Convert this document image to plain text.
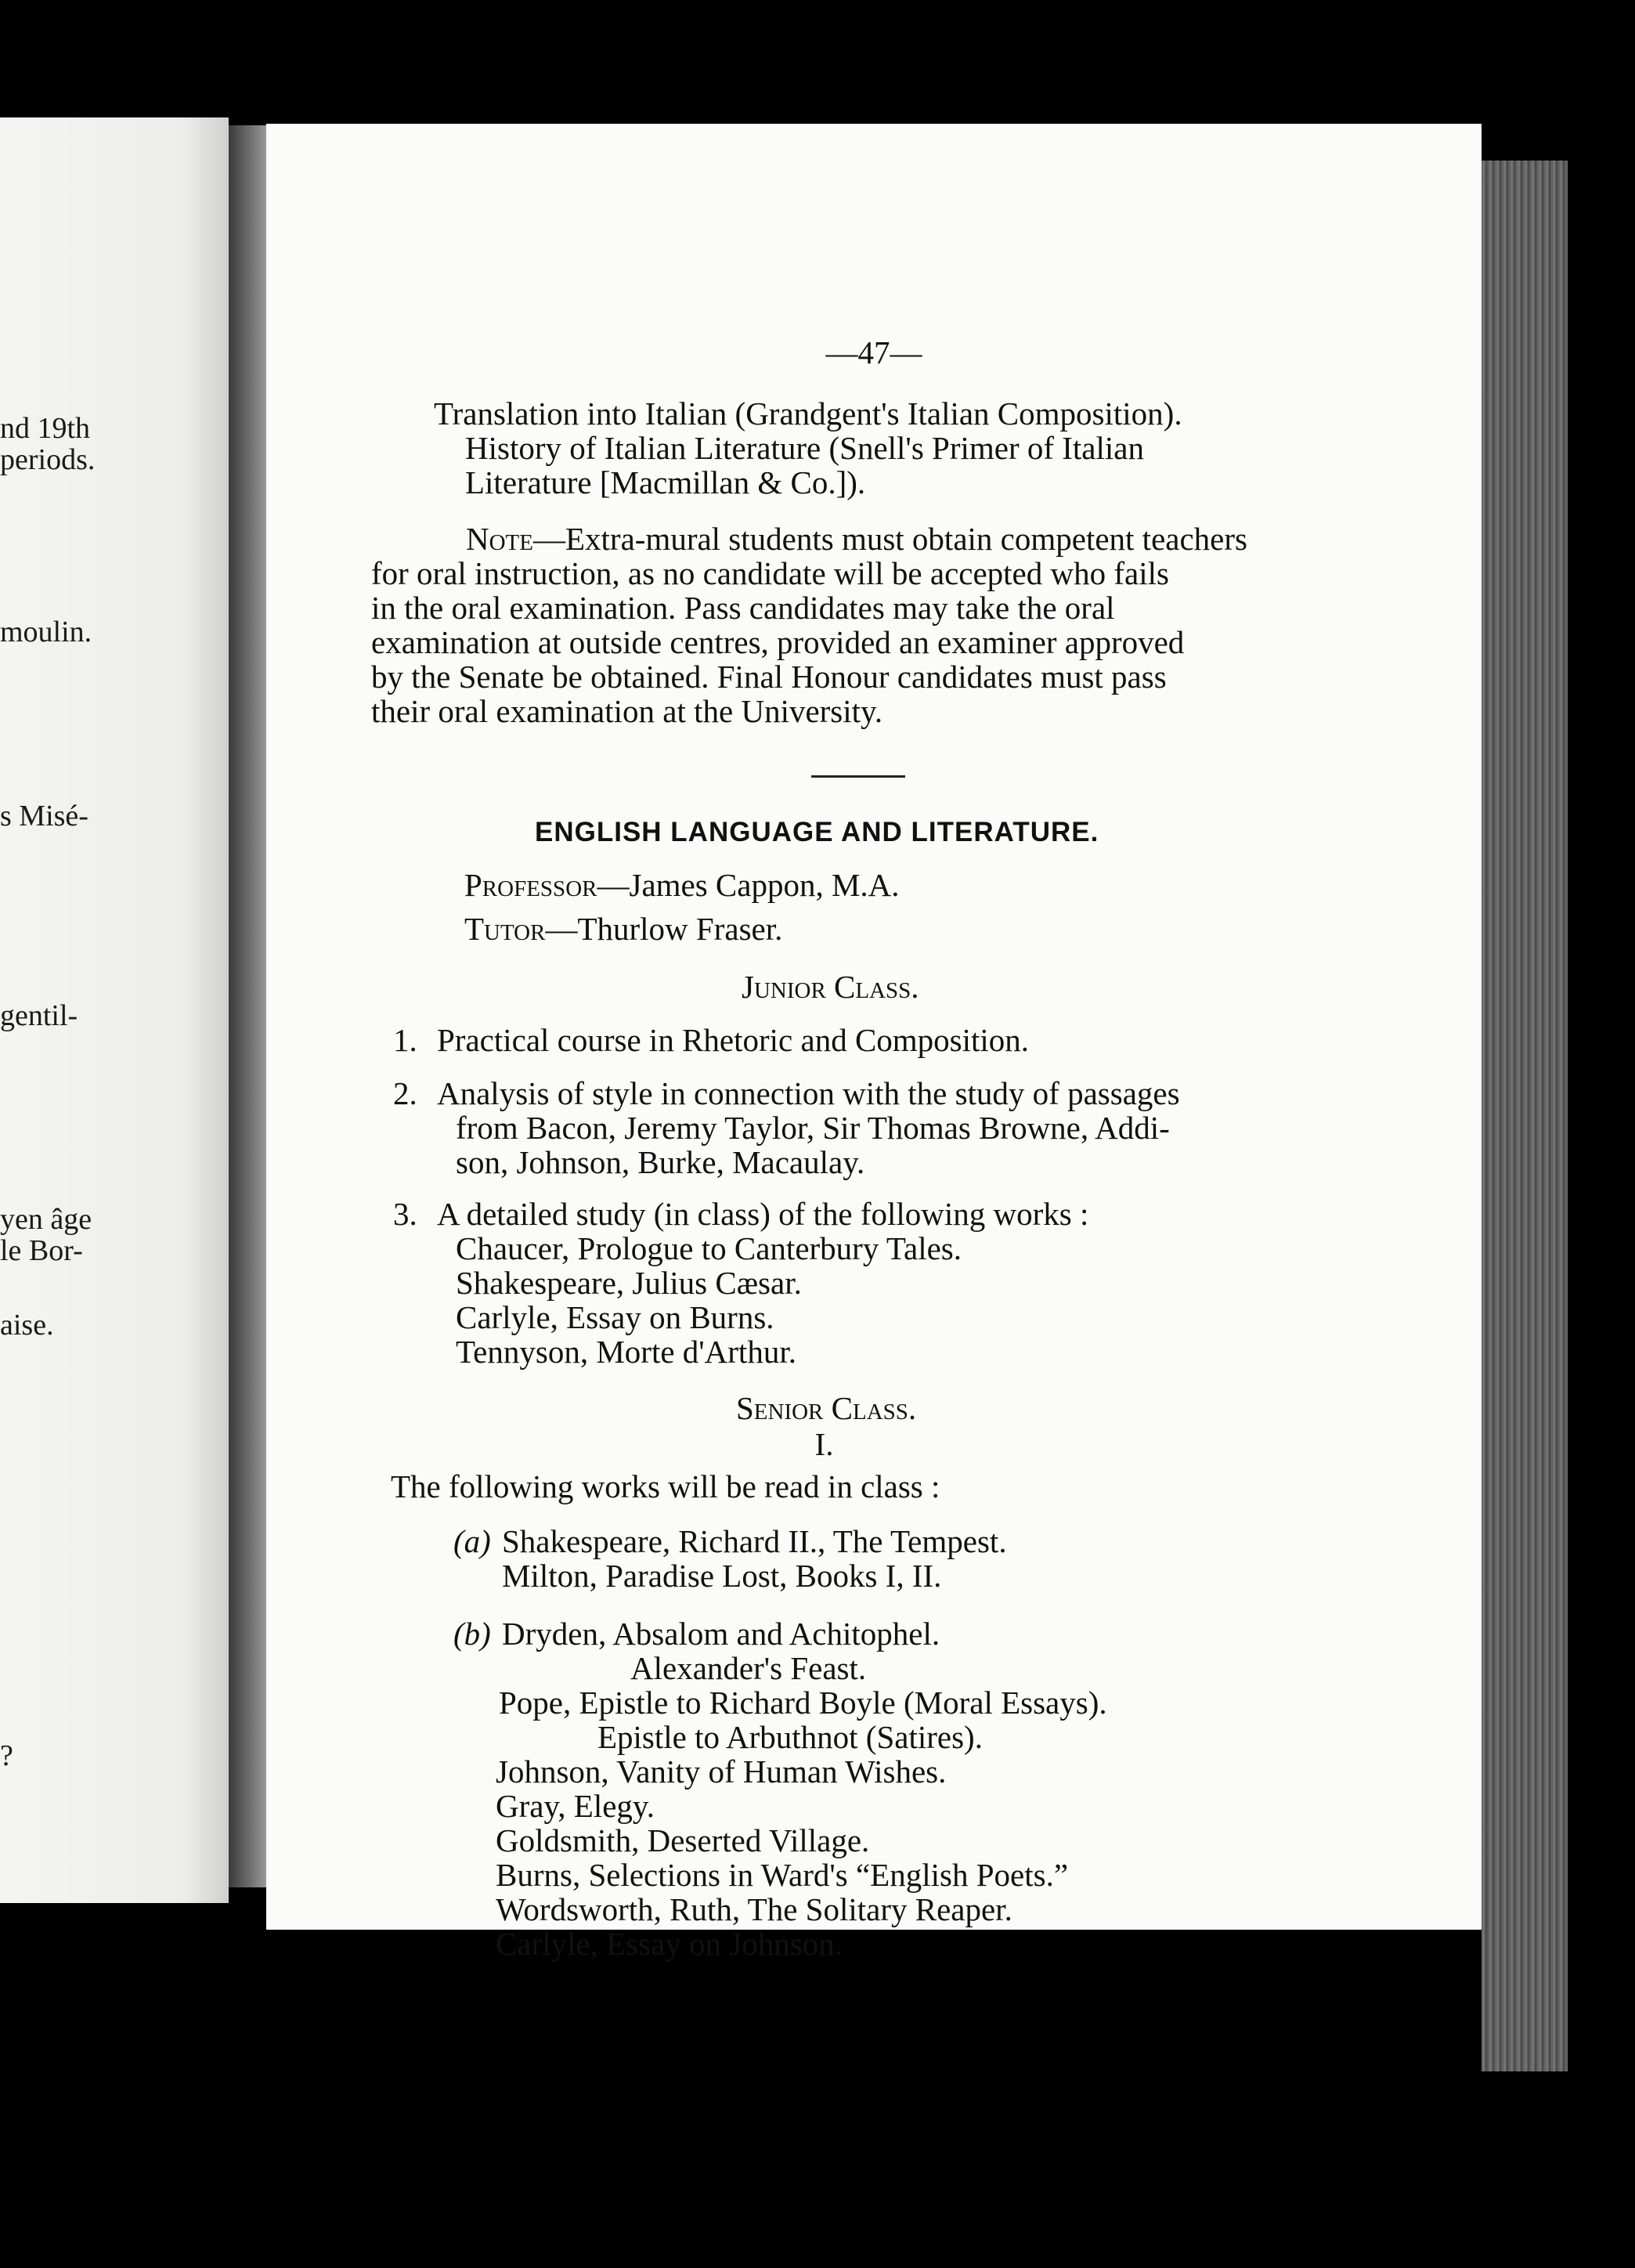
nd 19th
periods.
moulin.
s Misé-
gentil-
yen âge
le Bor-
aise.
?
—47—
Translation into Italian (Grandgent's Italian Composition).
History of Italian Literature (Snell's Primer of Italian
Literature [Macmillan & Co.]).
Note—Extra-mural students must obtain competent teachers
for oral instruction, as no candidate will be accepted who fails
in the oral examination. Pass candidates may take the oral
examination at outside centres, provided an examiner approved
by the Senate be obtained. Final Honour candidates must pass
their oral examination at the University.
ENGLISH LANGUAGE AND LITERATURE.
Professor—James Cappon, M.A.
Tutor—Thurlow Fraser.
Junior Class.
1. Practical course in Rhetoric and Composition.
2. Analysis of style in connection with the study of passages
from Bacon, Jeremy Taylor, Sir Thomas Browne, Addi-
son, Johnson, Burke, Macaulay.
3. A detailed study (in class) of the following works :
Chaucer, Prologue to Canterbury Tales.
Shakespeare, Julius Cæsar.
Carlyle, Essay on Burns.
Tennyson, Morte d'Arthur.
Senior Class.
I.
The following works will be read in class :
(a) Shakespeare, Richard II., The Tempest.
Milton, Paradise Lost, Books I, II.
(b) Dryden, Absalom and Achitophel.
Alexander's Feast.
Pope, Epistle to Richard Boyle (Moral Essays).
Epistle to Arbuthnot (Satires).
Johnson, Vanity of Human Wishes.
Gray, Elegy.
Goldsmith, Deserted Village.
Burns, Selections in Ward's “English Poets.”
Wordsworth, Ruth, The Solitary Reaper.
Carlyle, Essay on Johnson.
